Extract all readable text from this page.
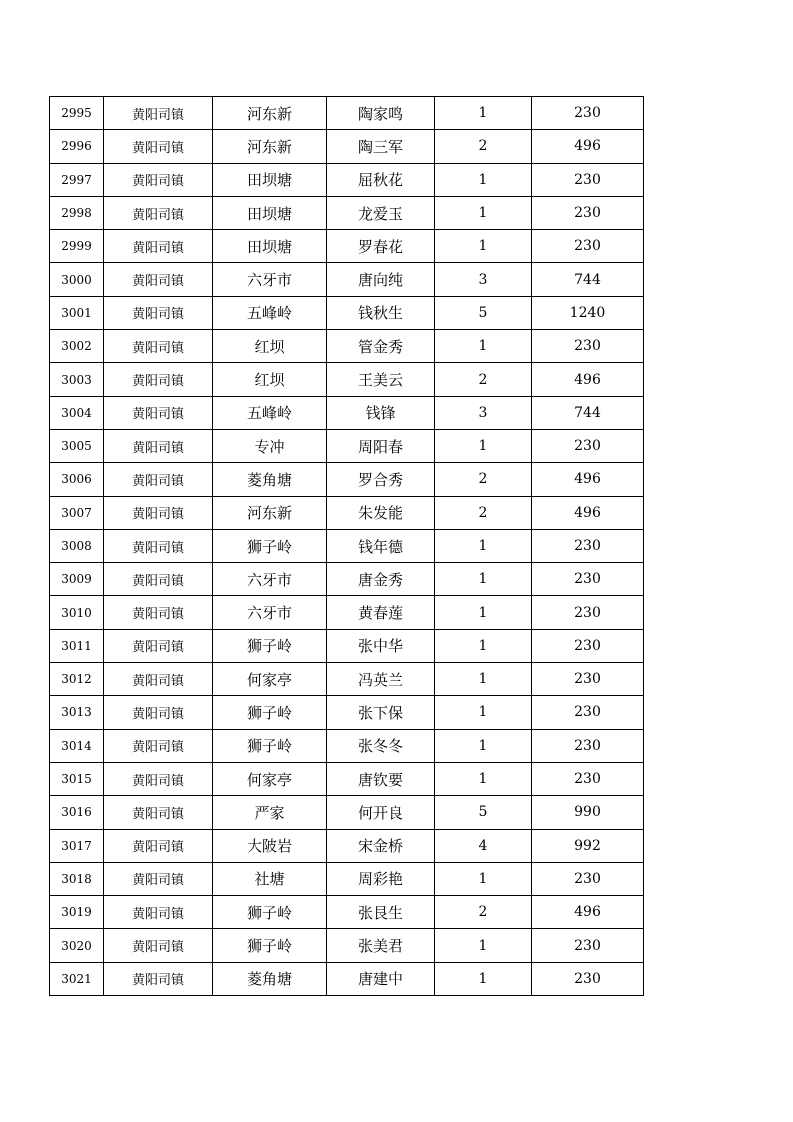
2995	黄阳司镇	河东新	陶家鸣	1	230
2996	黄阳司镇	河东新	陶三军	2	496
2997	黄阳司镇	田坝塘	屈秋花	1	230
2998	黄阳司镇	田坝塘	龙爱玉	1	230
2999	黄阳司镇	田坝塘	罗春花	1	230
3000	黄阳司镇	六牙市	唐向纯	3	744
3001	黄阳司镇	五峰岭	钱秋生	5	1240
3002	黄阳司镇	红坝	管金秀	1	230
3003	黄阳司镇	红坝	王美云	2	496
3004	黄阳司镇	五峰岭	钱锋	3	744
3005	黄阳司镇	专冲	周阳春	1	230
3006	黄阳司镇	菱角塘	罗合秀	2	496
3007	黄阳司镇	河东新	朱发能	2	496
3008	黄阳司镇	狮子岭	钱年德	1	230
3009	黄阳司镇	六牙市	唐金秀	1	230
3010	黄阳司镇	六牙市	黄春莲	1	230
3011	黄阳司镇	狮子岭	张中华	1	230
3012	黄阳司镇	何家亭	冯英兰	1	230
3013	黄阳司镇	狮子岭	张下保	1	230
3014	黄阳司镇	狮子岭	张冬冬	1	230
3015	黄阳司镇	何家亭	唐钦要	1	230
3016	黄阳司镇	严家	何开良	5	990
3017	黄阳司镇	大陂岩	宋金桥	4	992
3018	黄阳司镇	社塘	周彩艳	1	230
3019	黄阳司镇	狮子岭	张艮生	2	496
3020	黄阳司镇	狮子岭	张美君	1	230
3021	黄阳司镇	菱角塘	唐建中	1	230
